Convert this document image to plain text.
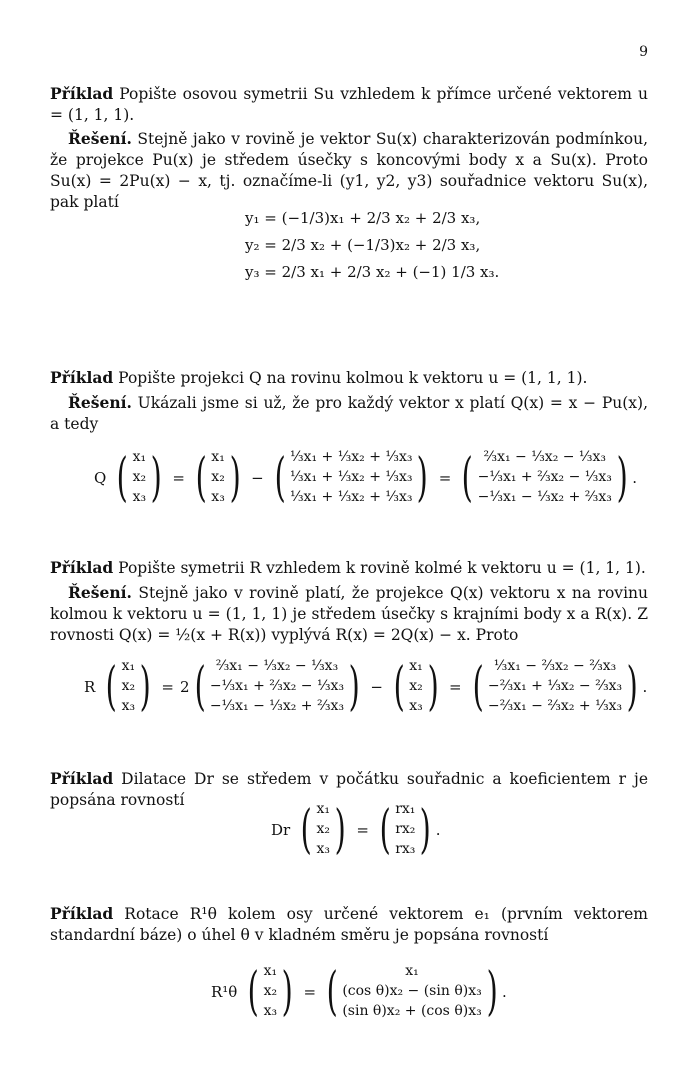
9
Příklad Popište osovou symetrii Su vzhledem k přímce určené vektorem u = (1, 1, 1).
Řešení. Stejně jako v rovině je vektor Su(x) charakterizován podmínkou, že projekce Pu(x) je středem úsečky s koncovými body x a Su(x). Proto Su(x) = 2Pu(x) − x, tj. označíme-li (y1, y2, y3) souřadnice vektoru Su(x), pak platí
y₁ = (−1/3)x₁ + 2/3 x₂ + 2/3 x₃,
y₂ = 2/3 x₂ + (−1/3)x₂ + 2/3 x₃,
y₃ = 2/3 x₁ + 2/3 x₂ + (−1) 1/3 x₃.
Příklad Popište projekci Q na rovinu kolmou k vektoru u = (1, 1, 1).
Řešení. Ukázali jsme si už, že pro každý vektor x platí Q(x) = x − Pu(x), a tedy
Q ( x₁
x₂
x₃ ) = ( x₁
x₂
x₃ ) − ( ⅓x₁ + ⅓x₂ + ⅓x₃
⅓x₁ + ⅓x₂ + ⅓x₃
⅓x₁ + ⅓x₂ + ⅓x₃ ) = ( ⅔x₁ − ⅓x₂ − ⅓x₃
−⅓x₁ + ⅔x₂ − ⅓x₃
−⅓x₁ − ⅓x₂ + ⅔x₃ ) .
Příklad Popište symetrii R vzhledem k rovině kolmé k vektoru u = (1, 1, 1).
Řešení. Stejně jako v rovině platí, že projekce Q(x) vektoru x na rovinu kolmou k vektoru u = (1, 1, 1) je středem úsečky s krajními body x a R(x). Z rovnosti Q(x) = ½(x + R(x)) vyplývá R(x) = 2Q(x) − x. Proto
R ( x₁
x₂
x₃ ) = 2 ( ⅔x₁ − ⅓x₂ − ⅓x₃
−⅓x₁ + ⅔x₂ − ⅓x₃
−⅓x₁ − ⅓x₂ + ⅔x₃ ) − ( x₁
x₂
x₃ ) = ( ⅓x₁ − ⅔x₂ − ⅔x₃
−⅔x₁ + ⅓x₂ − ⅔x₃
−⅔x₁ − ⅔x₂ + ⅓x₃ ) .
Příklad Dilatace Dr se středem v počátku souřadnic a koeficientem r je popsána rovností
Dr ( x₁
x₂
x₃ ) = ( rx₁
rx₂
rx₃ ) .
Příklad Rotace R¹θ kolem osy určené vektorem e₁ (prvním vektorem standardní báze) o úhel θ v kladném směru je popsána rovností
R¹θ ( x₁
x₂
x₃ ) = (	x₁
(cos θ)x₂ − (sin θ)x₃
(sin θ)x₂ + (cos θ)x₃ ) .
